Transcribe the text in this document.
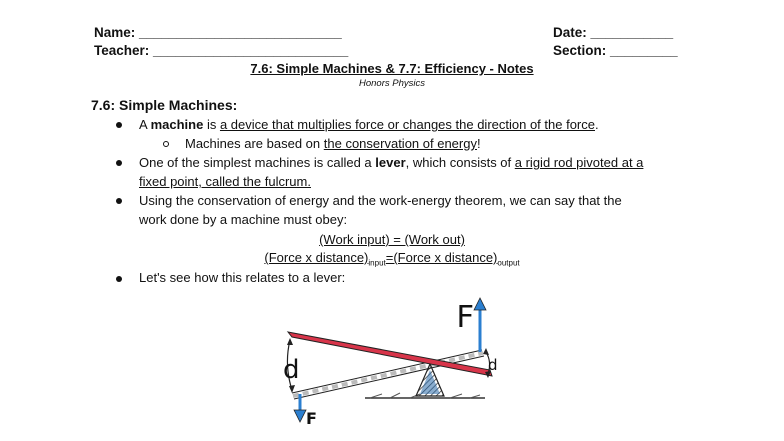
Name: ___________________________
Teacher: __________________________
Date: ___________
Section: _________
7.6: Simple Machines & 7.7: Efficiency - Notes
Honors Physics
7.6: Simple Machines:
A machine is a device that multiplies force or changes the direction of the force.
Machines are based on the conservation of energy!
One of the simplest machines is called a lever, which consists of a rigid rod pivoted at a
fixed point, called the fulcrum.
Using the conservation of energy and the work-energy theorem, we can say that the
work done by a machine must obey:
(Work input) = (Work out)
(Force x $distance)_{input}=(Force$ x $distance)_{output}$
Let's see how this relates to a lever:
F
F
d	d
